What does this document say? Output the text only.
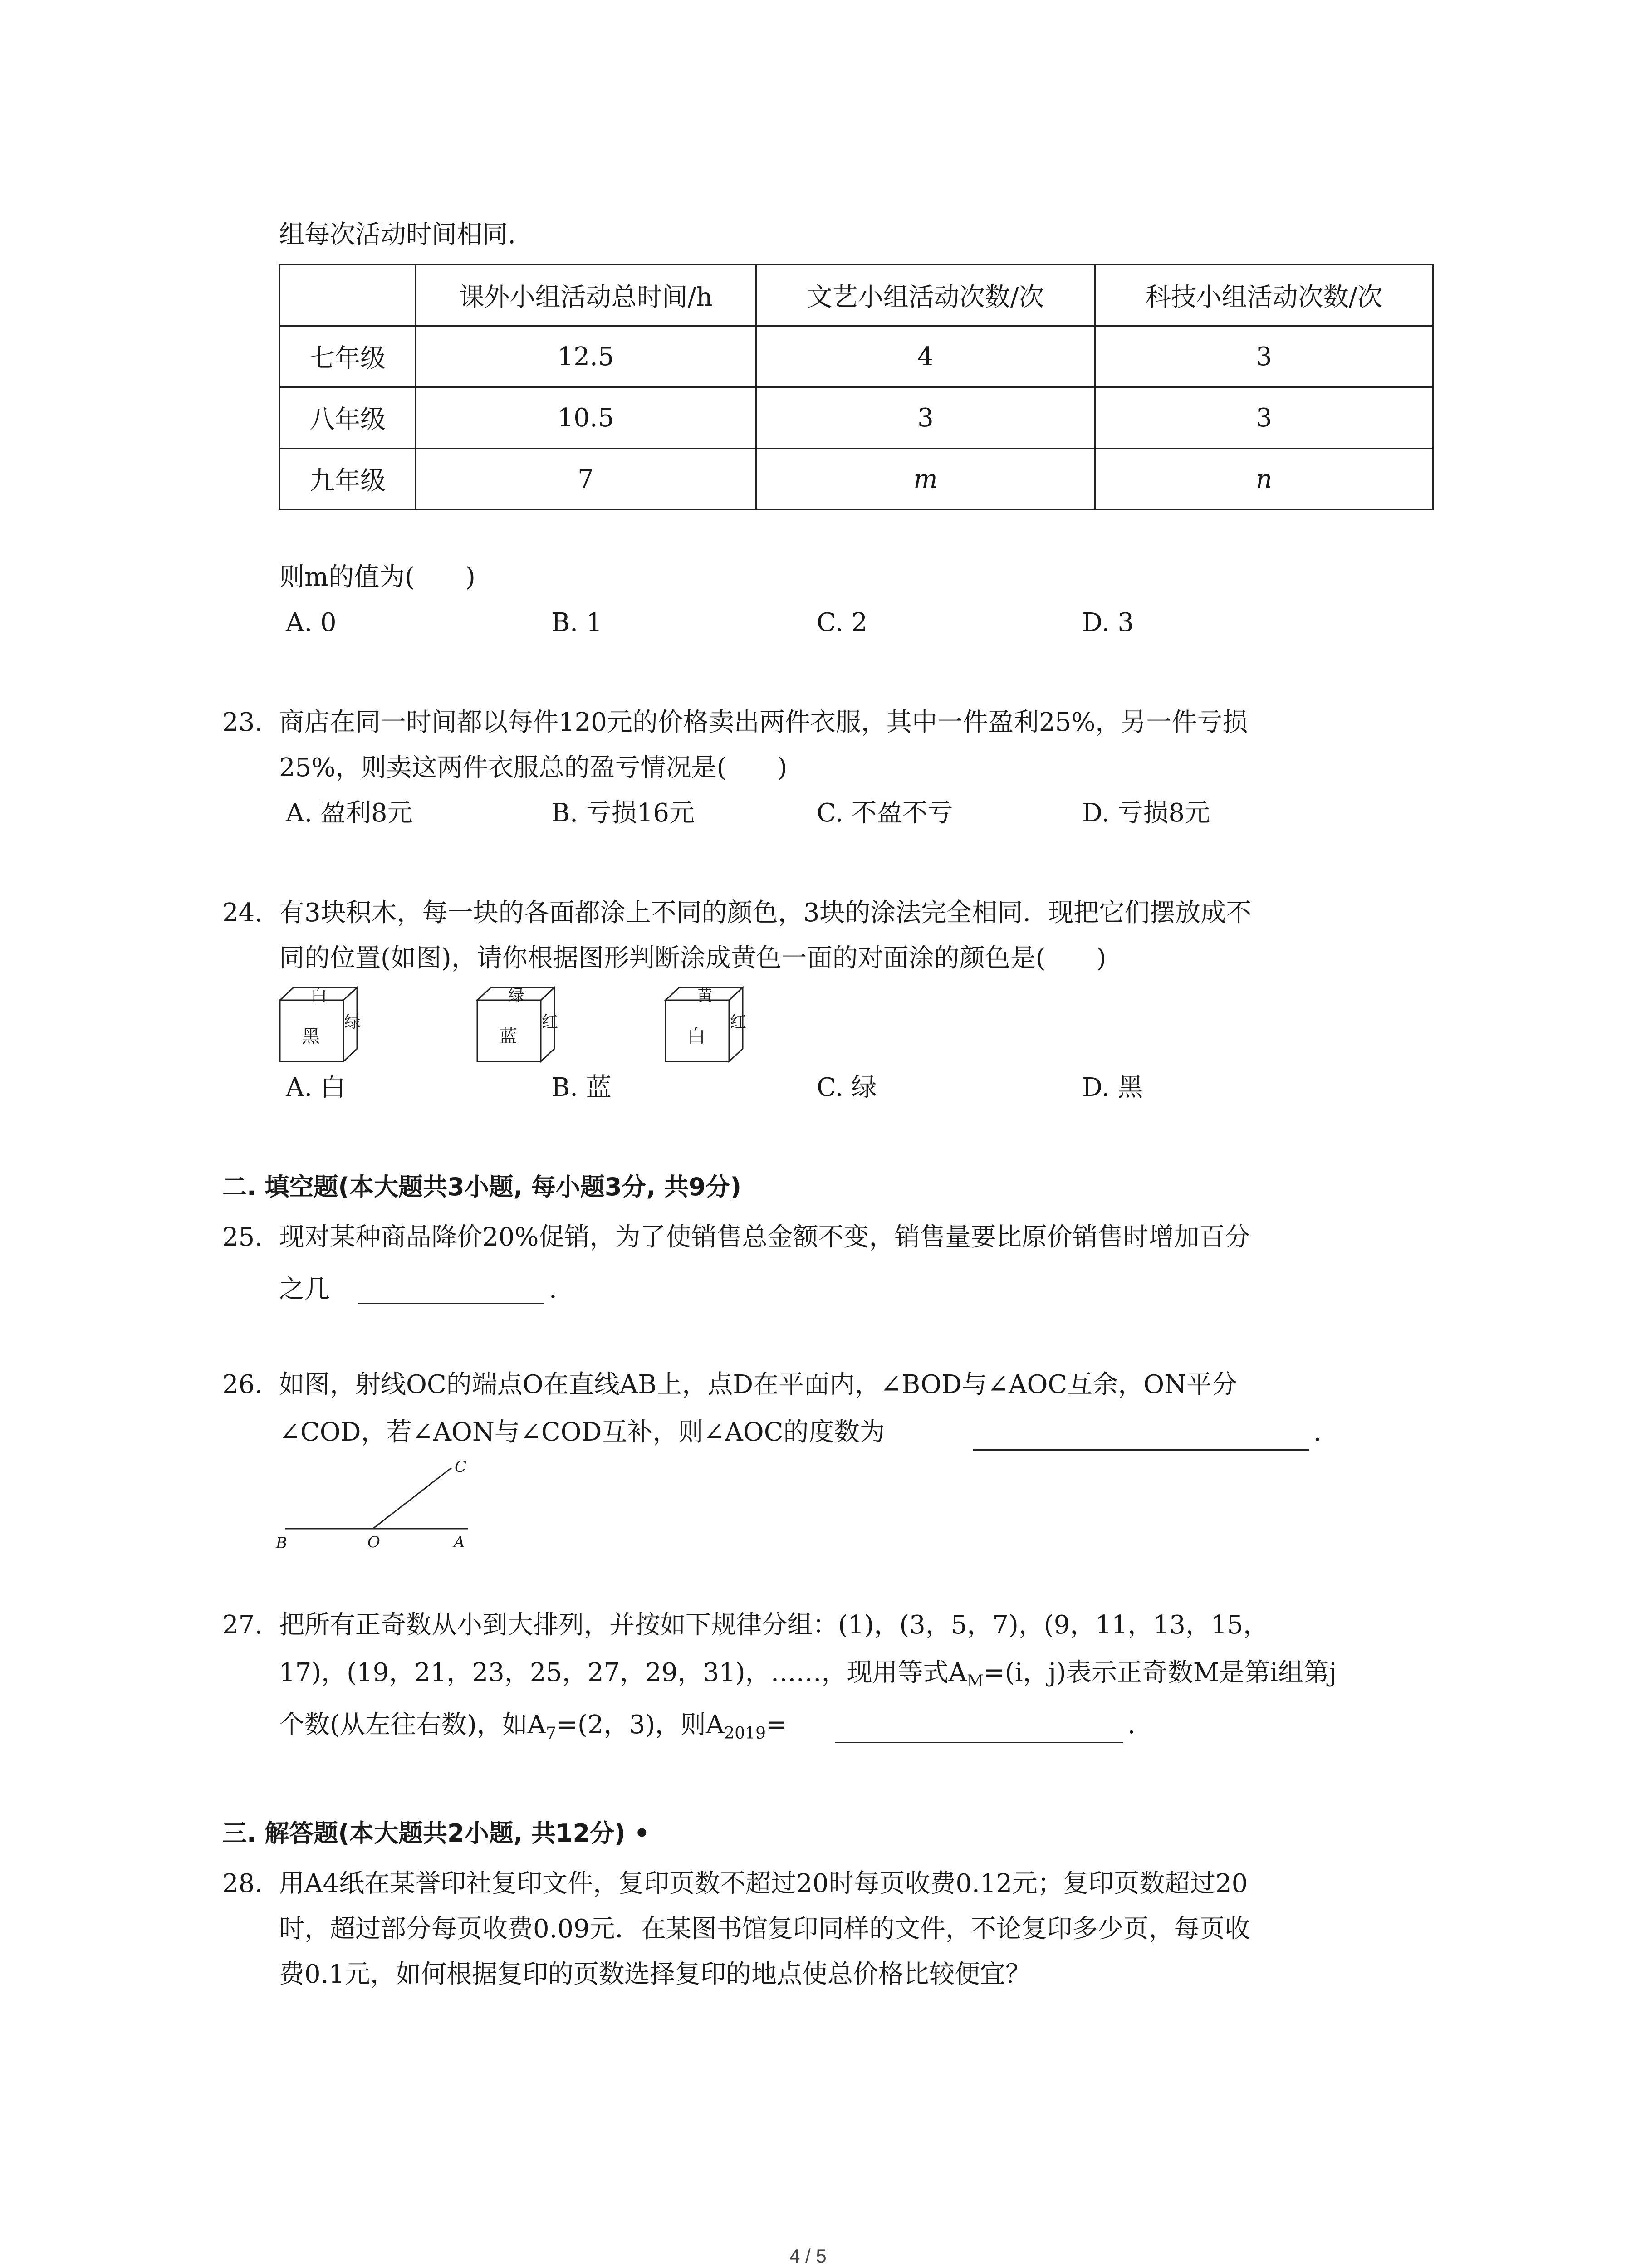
组每次活动时间相同.
	课外小组活动总时间/h	文艺小组活动次数/次	科技小组活动次数/次
七年级	12.5	4	3
八年级	10.5	3	3
九年级	7	m	n
则m的值为(　　)
A. 0	B. 1	C. 2	D. 3
23. 商店在同一时间都以每件120元的价格卖出两件衣服，其中一件盈利25%，另一件亏损
25%，则卖这两件衣服总的盈亏情况是(　　)
A. 盈利8元	B. 亏损16元	C. 不盈不亏	D. 亏损8元
24. 有3块积木，每一块的各面都涂上不同的颜色，3块的涂法完全相同．现把它们摆放成不
同的位置(如图)，请你根据图形判断涂成黄色一面的对面涂的颜色是(　　)
白
黑
绿
绿
蓝
红
黄
白
红
A. 白	B. 蓝	C. 绿	D. 黑
二. 填空题(本大题共3小题, 每小题3分, 共9分)
25. 现对某种商品降价20%促销，为了使销售总金额不变，销售量要比原价销售时增加百分
之几	.
26. 如图，射线OC的端点O在直线AB上，点D在平面内，∠BOD与∠AOC互余，ON平分
∠COD，若∠AON与∠COD互补，则∠AOC的度数为	.
B	O	A
C
27. 把所有正奇数从小到大排列，并按如下规律分组：(1)，(3，5，7)，(9，11，13，15，
17)，(19，21，23，25，27，29，31)，……，现用等式$A_M=(i$，j)表示正奇数M是第i组第j
个数(从左往右数)，如$A_7=(2$，3)，则$A_{2019}=$	.
三. 解答题(本大题共2小题, 共12分) •
28. 用A4纸在某誉印社复印文件，复印页数不超过20时每页收费0.12元；复印页数超过20
时，超过部分每页收费0.09元．在某图书馆复印同样的文件，不论复印多少页，每页收
费0.1元，如何根据复印的页数选择复印的地点使总价格比较便宜？
4 / 5
